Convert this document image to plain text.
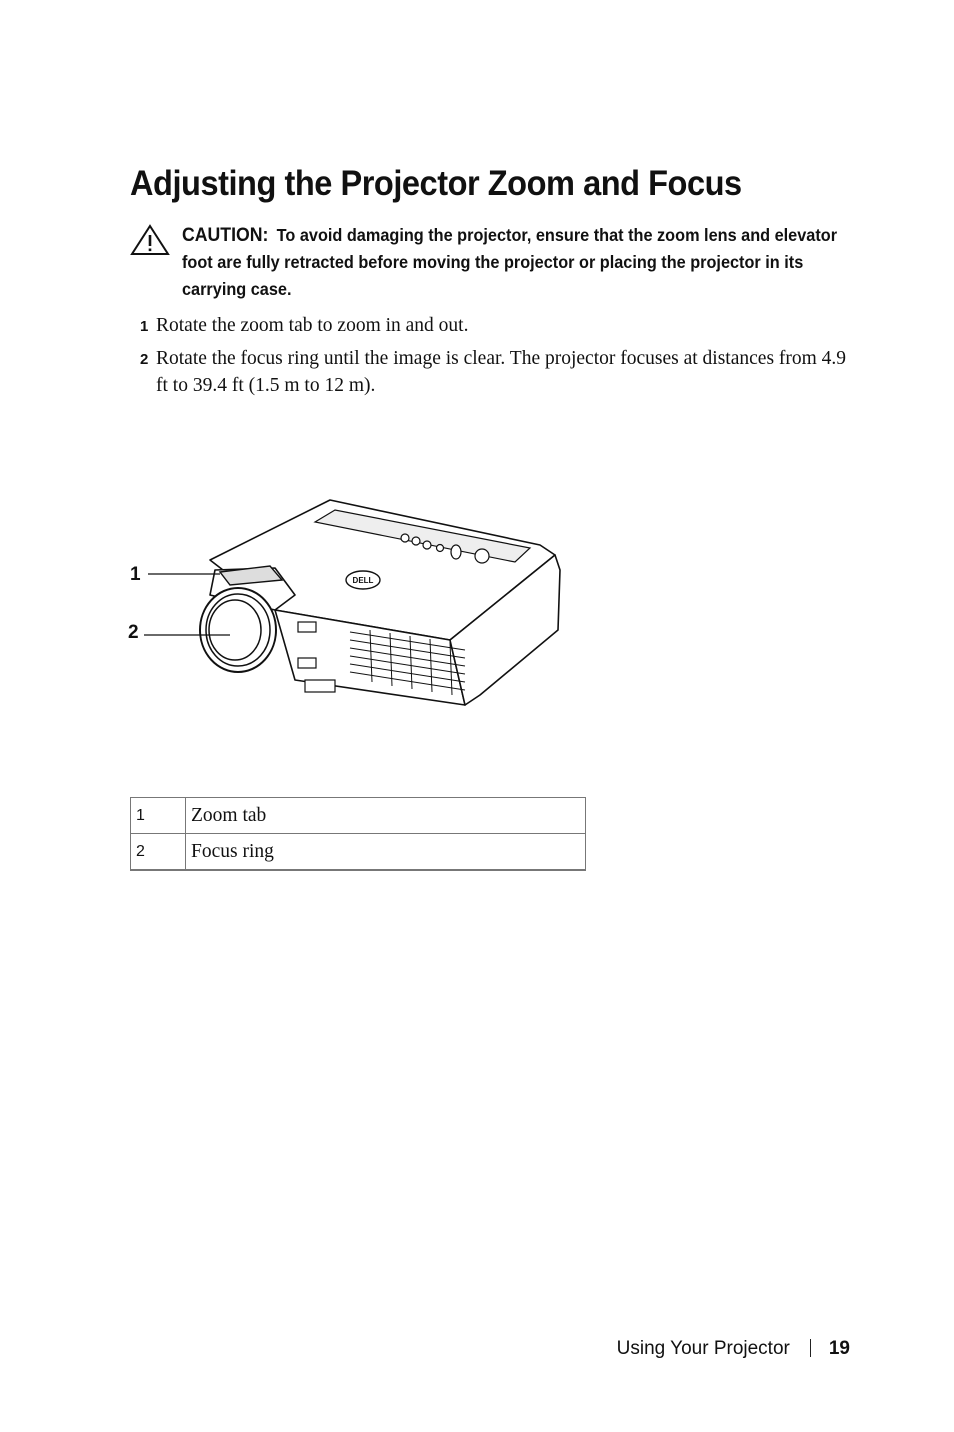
Adjusting the Projector Zoom and Focus
CAUTION: To avoid damaging the projector, ensure that the zoom lens and elevator foot are fully retracted before moving the projector or placing the projector in its carrying case.
1 Rotate the zoom tab to zoom in and out.
2 Rotate the focus ring until the image is clear. The projector focuses at distances from 4.9 ft to 39.4 ft (1.5 m to 12 m).
DELL
1
2
1	Zoom tab
2	Focus ring
Using Your Projector 19
